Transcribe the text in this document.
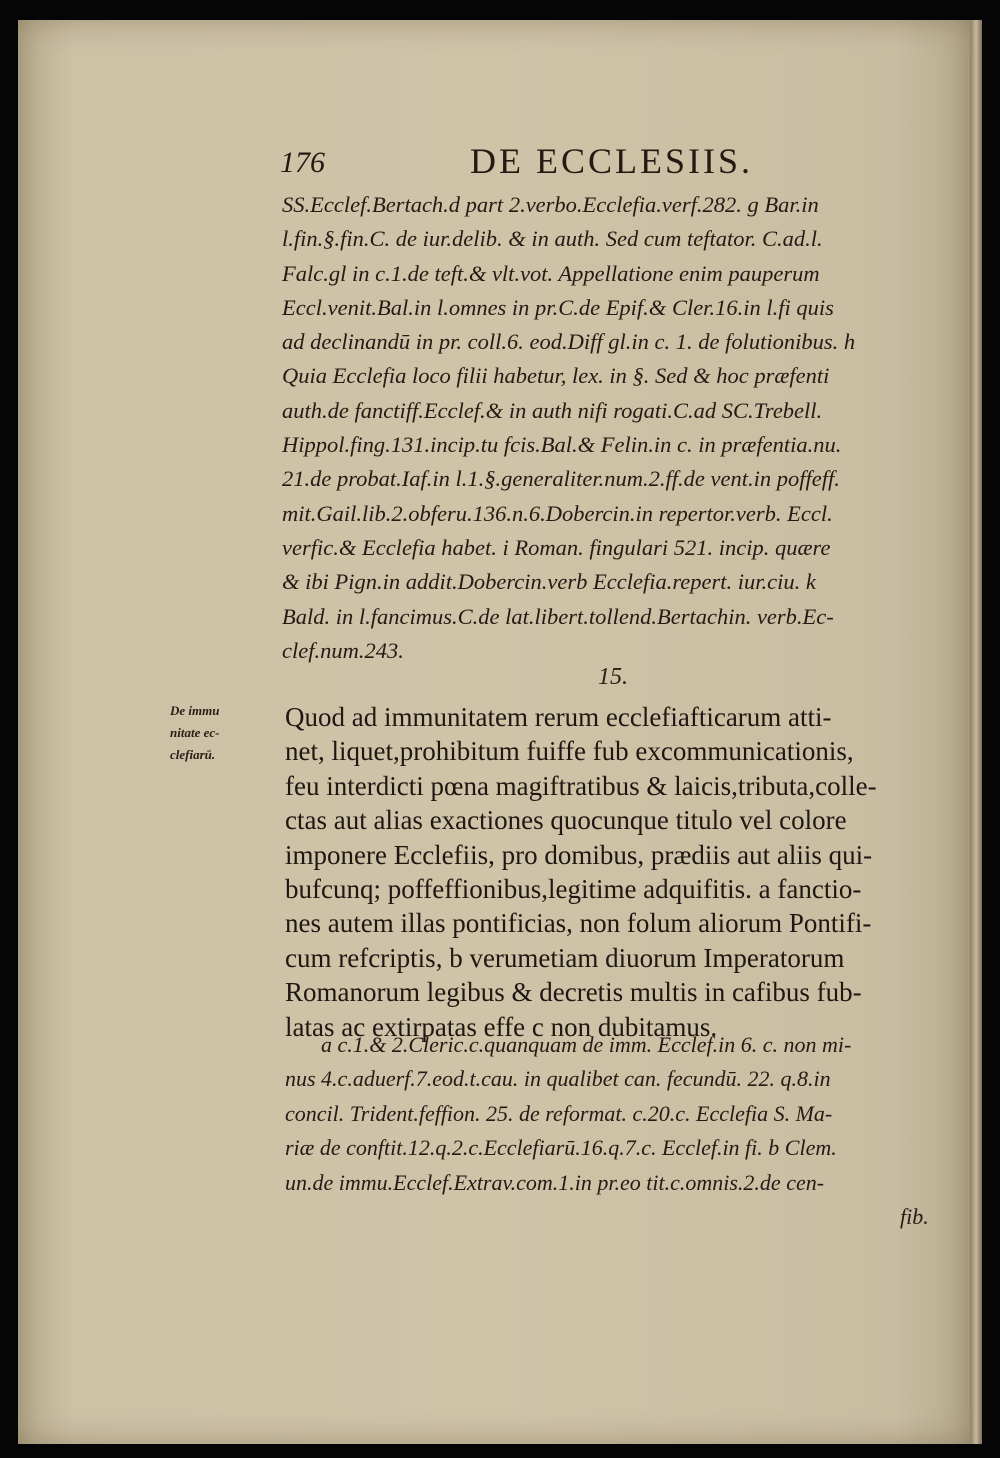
176	DE ECCLESIIS.
SS.Ecclef.Bertach.d part 2.verbo.Ecclefia.verf.282. g Bar.in
l.fin.§.fin.C. de iur.delib. & in auth. Sed cum teftator. C.ad.l.
Falc.gl in c.1.de teft.& vlt.vot. Appellatione enim pauperum
Eccl.venit.Bal.in l.omnes in pr.C.de Epif.& Cler.16.in l.fi quis
ad declinandū in pr. coll.6. eod.Diff gl.in c. 1. de folutionibus. h
Quia Ecclefia loco filii habetur, lex. in §. Sed & hoc præfenti
auth.de fanctiff.Ecclef.& in auth nifi rogati.C.ad SC.Trebell.
Hippol.fing.131.incip.tu fcis.Bal.& Felin.in c. in præfentia.nu.
21.de probat.Iaf.in l.1.§.generaliter.num.2.ff.de vent.in poffeff.
mit.Gail.lib.2.obferu.136.n.6.Dobercin.in repertor.verb. Eccl.
verfic.& Ecclefia habet. i Roman. fingulari 521. incip. quære
& ibi Pign.in addit.Dobercin.verb Ecclefia.repert. iur.ciu. k
Bald. in l.fancimus.C.de lat.libert.tollend.Bertachin. verb.Ec-
clef.num.243.
15.
De immu
nitate ec-
clefiarū.
Quod ad immunitatem rerum ecclefiafticarum atti-
net, liquet,prohibitum fuiffe fub excommunicationis,
feu interdicti pœna magiftratibus & laicis,tributa,colle-
ctas aut alias exactiones quocunque titulo vel colore
imponere Ecclefiis, pro domibus, prædiis aut aliis qui-
bufcunq; poffeffionibus,legitime adquifitis. a fanctio-
nes autem illas pontificias, non folum aliorum Pontifi-
cum refcriptis, b verumetiam diuorum Imperatorum
Romanorum legibus & decretis multis in cafibus fub-
latas ac extirpatas effe c non dubitamus.
a c.1.& 2.Cleric.c.quanquam de imm. Ecclef.in 6. c. non mi-
nus 4.c.aduerf.7.eod.t.cau. in qualibet can. fecundū. 22. q.8.in
concil. Trident.feffion. 25. de reformat. c.20.c. Ecclefia S. Ma-
riæ de conftit.12.q.2.c.Ecclefiarū.16.q.7.c. Ecclef.in fi. b Clem.
un.de immu.Ecclef.Extrav.com.1.in pr.eo tit.c.omnis.2.de cen-
fib.
